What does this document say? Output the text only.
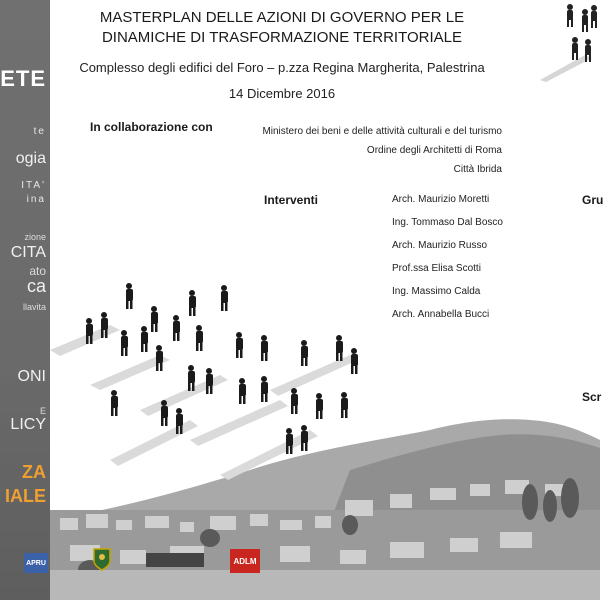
ETE
te
ogia
ITA'
ina
zione
CITA
ato
ca
llavita
ONI
E
LICY
ZA
IALE
MASTERPLAN DELLE AZIONI DI GOVERNO PER LE
DINAMICHE DI TRASFORMAZIONE TERRITORIALE
Complesso degli edifici del Foro – p.zza Regina Margherita, Palestrina
14 Dicembre 2016
In collaborazione con	Ministero dei beni e delle attività culturali e del turismo
Ordine degli Architetti di Roma
Città Ibrida
Interventi	Arch. Maurizio Moretti
Ing. Tommaso Dal Bosco
Arch. Maurizio Russo
Prof.ssa Elisa Scotti
Ing. Massimo Calda
Arch. Annabella Bucci
Gru
Scr
APRU	ADLM
